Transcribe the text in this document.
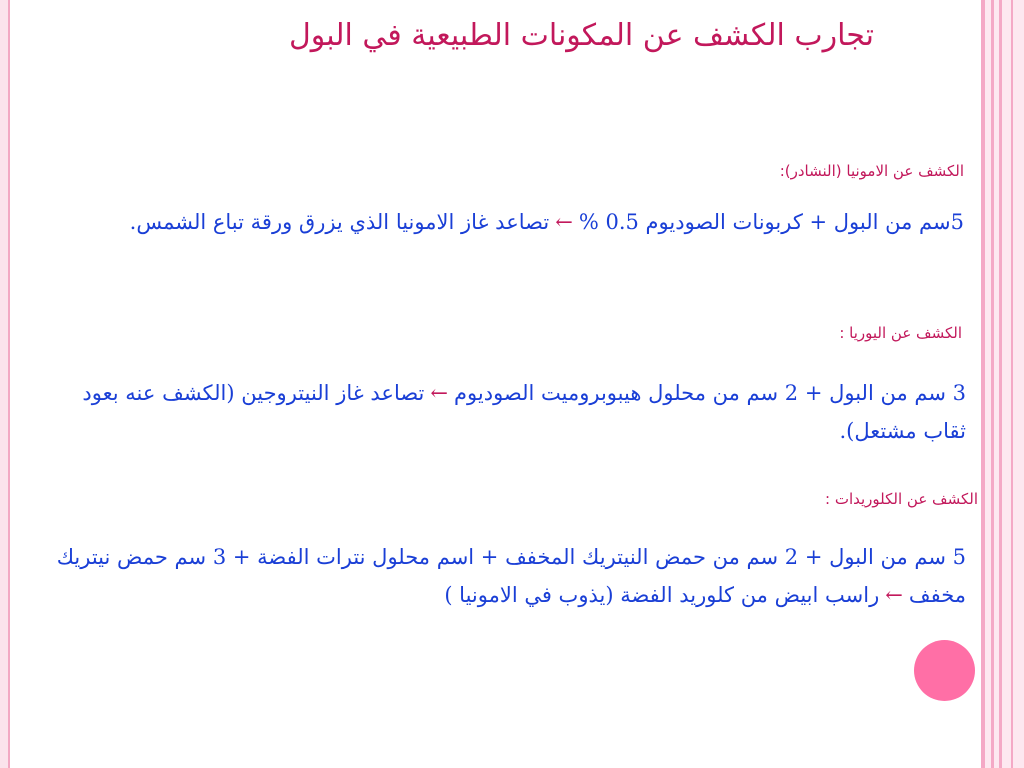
تجارب الكشف عن المكونات الطبيعية في البول
الكشف عن الامونيا (النشادر):
5سم من البول + كربونات الصوديوم 0.5 %←تصاعد غاز الامونيا الذي يزرق ورقة تباع الشمس.
الكشف عن اليوريا :
3 سم من البول + 2 سم من محلول هيبوبروميت الصوديوم←تصاعد غاز النيتروجين (الكشف عنه بعود ثقاب مشتعل).
الكشف عن الكلوريدات :
5 سم من البول + 2 سم من حمض النيتريك المخفف + اسم محلول نترات الفضة + 3 سم حمض نيتريك مخفف←راسب ابيض من كلوريد الفضة (يذوب في الامونيا )
